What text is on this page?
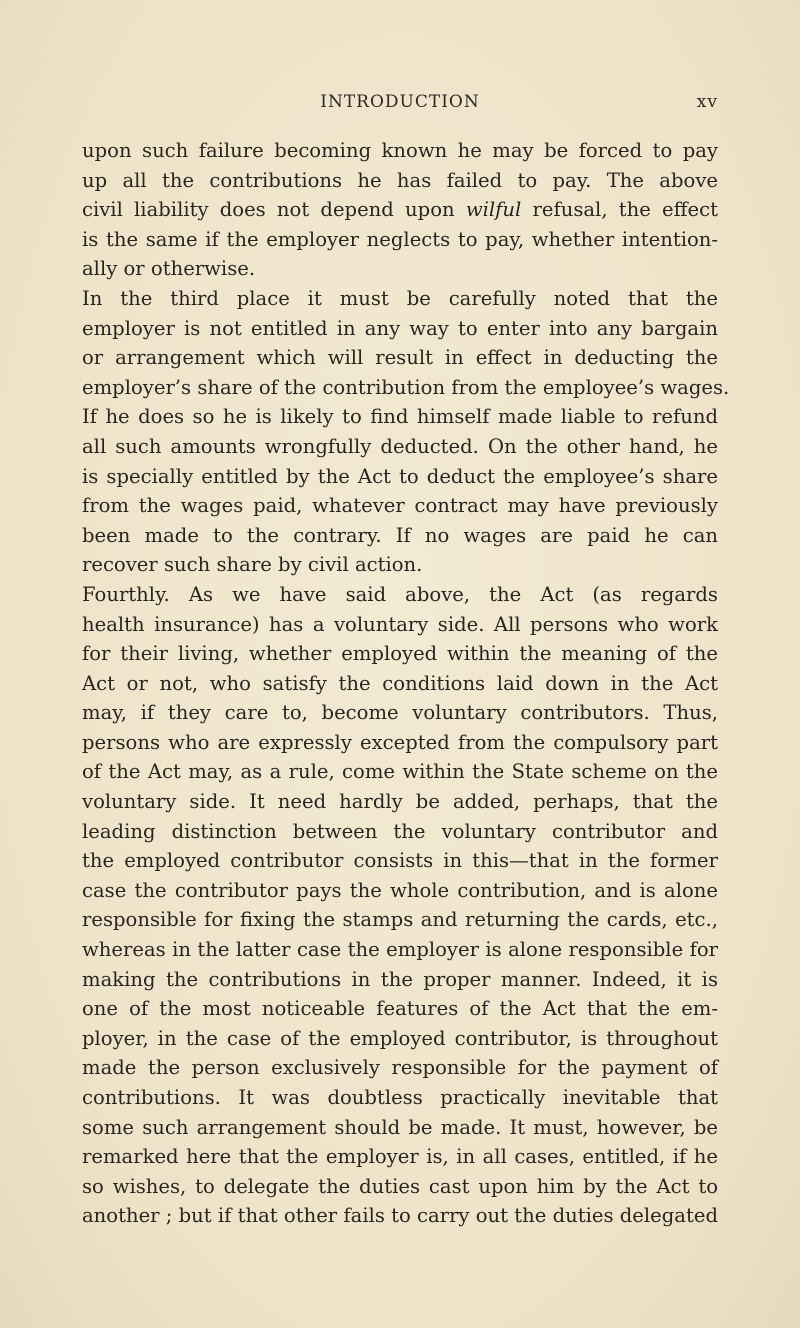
INTRODUCTION	xv
upon such failure becoming known he may be forced to pay
up all the contributions he has failed to pay. The above
civil liability does not depend upon wilful refusal, the effect
is the same if the employer neglects to pay, whether intention-
ally or otherwise.
In the third place it must be carefully noted that the
employer is not entitled in any way to enter into any bargain
or arrangement which will result in effect in deducting the
employer’s share of the contribution from the employee’s wages.
If he does so he is likely to find himself made liable to refund
all such amounts wrongfully deducted. On the other hand, he
is specially entitled by the Act to deduct the employee’s share
from the wages paid, whatever contract may have previously
been made to the contrary. If no wages are paid he can
recover such share by civil action.
Fourthly. As we have said above, the Act (as regards
health insurance) has a voluntary side. All persons who work
for their living, whether employed within the meaning of the
Act or not, who satisfy the conditions laid down in the Act
may, if they care to, become voluntary contributors. Thus,
persons who are expressly excepted from the compulsory part
of the Act may, as a rule, come within the State scheme on the
voluntary side. It need hardly be added, perhaps, that the
leading distinction between the voluntary contributor and
the employed contributor consists in this—that in the former
case the contributor pays the whole contribution, and is alone
responsible for fixing the stamps and returning the cards, etc.,
whereas in the latter case the employer is alone responsible for
making the contributions in the proper manner. Indeed, it is
one of the most noticeable features of the Act that the em-
ployer, in the case of the employed contributor, is throughout
made the person exclusively responsible for the payment of
contributions. It was doubtless practically inevitable that
some such arrangement should be made. It must, however, be
remarked here that the employer is, in all cases, entitled, if he
so wishes, to delegate the duties cast upon him by the Act to
another ; but if that other fails to carry out the duties delegated
